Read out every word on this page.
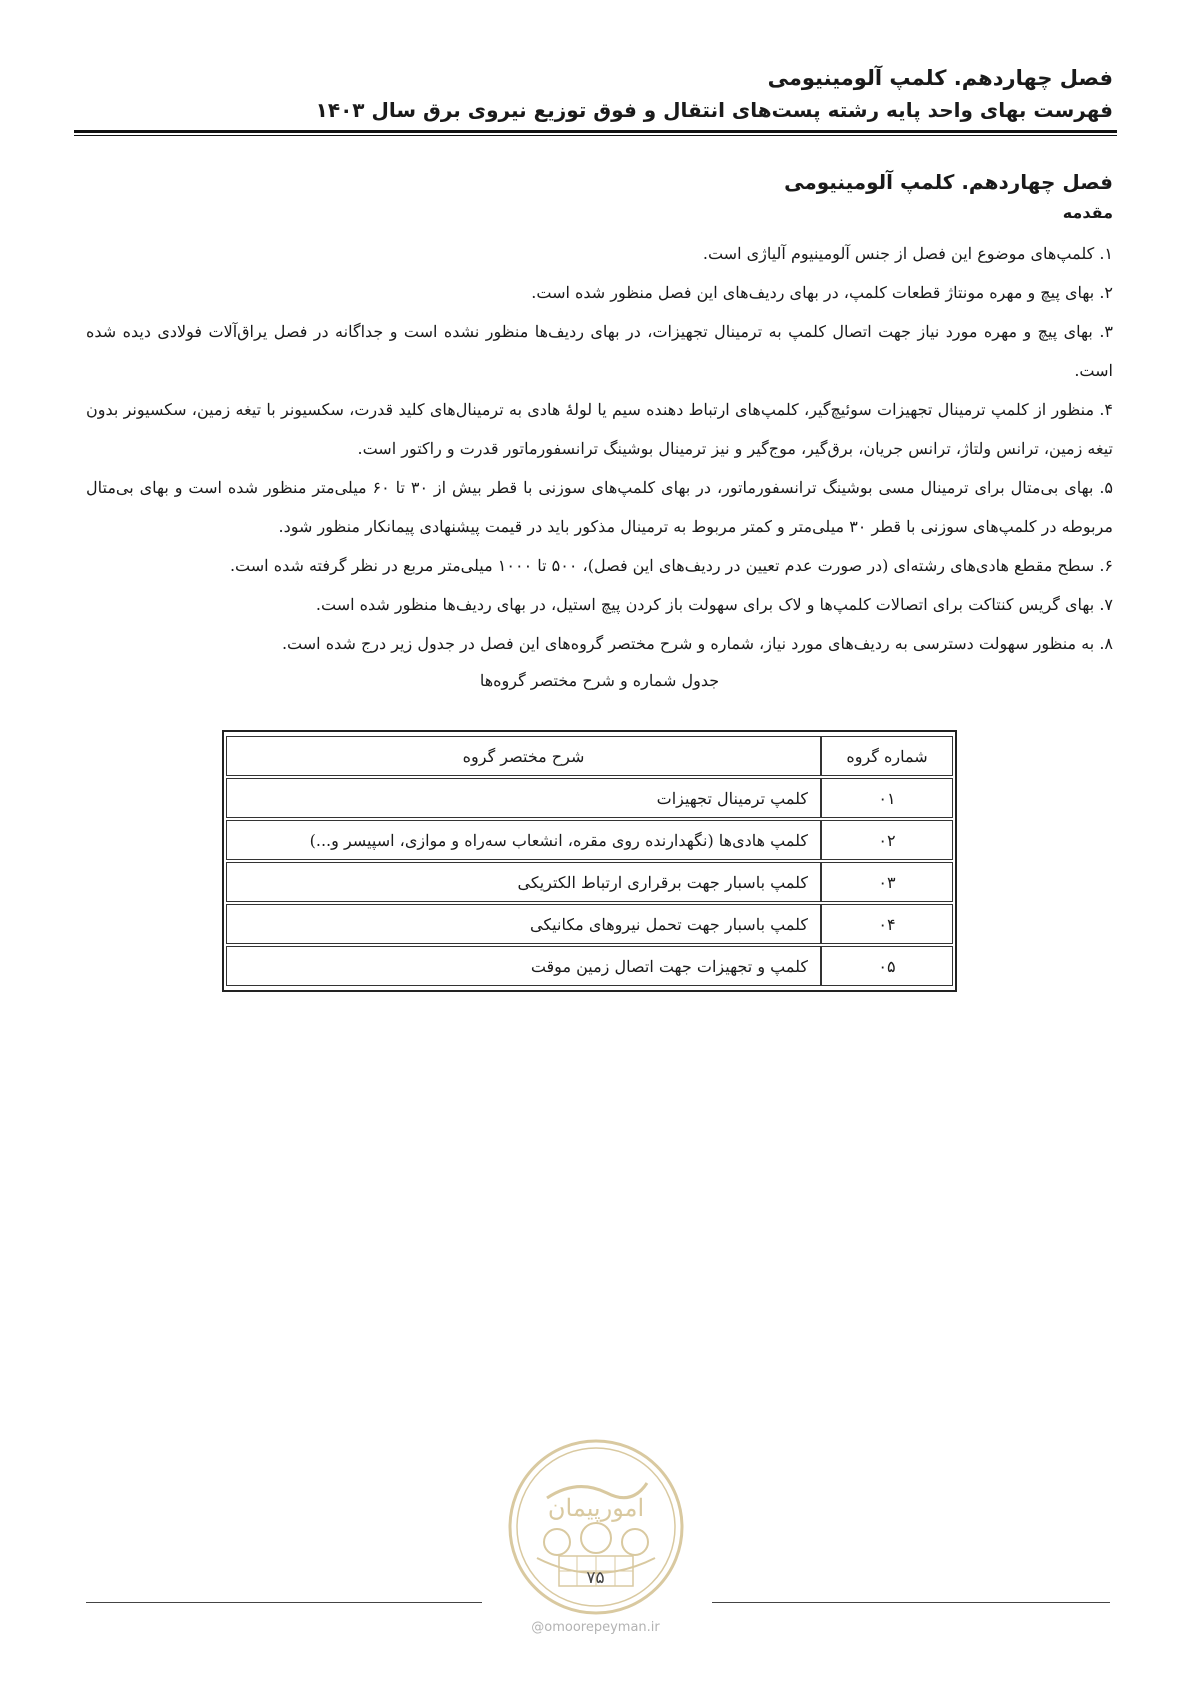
فصل چهاردهم. کلمپ آلومینیومی
فهرست بهای واحد پایه رشته پست‌های انتقال و فوق توزیع نیروی برق سال ۱۴۰۳
فصل چهاردهم. کلمپ آلومینیومی
مقدمه

۱. کلمپ‌های موضوع این فصل از جنس آلومینیوم آلیاژی است.

۲. بهای پیچ و مهره مونتاژ قطعات کلمپ، در بهای ردیف‌های این فصل منظور شده است.

۳. بهای پیچ و مهره مورد نیاز جهت اتصال کلمپ به ترمینال تجهیزات، در بهای ردیف‌ها منظور نشده است و جداگانه در فصل یراق‌آلات فولادی دیده شده است.

۴. منظور از کلمپ ترمینال تجهیزات سوئیچ‌گیر، کلمپ‌های ارتباط دهنده سیم یا لولهٔ هادی به ترمینال‌های کلید قدرت، سکسیونر با تیغه زمین، سکسیونر بدون تیغه زمین، ترانس ولتاژ، ترانس جریان، برق‌گیر، موج‌گیر و نیز ترمینال بوشینگ ترانسفورماتور قدرت و راکتور است.

۵. بهای بی‌متال برای ترمینال مسی بوشینگ ترانسفورماتور، در بهای کلمپ‌های سوزنی با قطر بیش از ۳۰ تا ۶۰ میلی‌متر منظور شده است و بهای بی‌متال مربوطه در کلمپ‌های سوزنی با قطر ۳۰ میلی‌متر و کمتر مربوط به ترمینال مذکور باید در قیمت پیشنهادی پیمانکار منظور شود.

۶. سطح مقطع هادی‌های رشته‌ای (در صورت عدم تعیین در ردیف‌های این فصل)، ۵۰۰ تا ۱۰۰۰ میلی‌متر مربع در نظر گرفته شده است.

۷. بهای گریس کنتاکت برای اتصالات کلمپ‌ها و لاک برای سهولت باز کردن پیچ استیل، در بهای ردیف‌ها منظور شده است.

۸. به منظور سهولت دسترسی به ردیف‌های مورد نیاز، شماره و شرح مختصر گروه‌های این فصل در جدول زیر درج شده است.

جدول شماره و شرح مختصر گروه‌ها
شماره گروه	شرح مختصر گروه
۰۱	کلمپ ترمینال تجهیزات
۰۲	کلمپ هادی‌ها (نگهدارنده روی مقره، انشعاب سه‌راه و موازی، اسپیسر و...)
۰۳	کلمپ باسبار جهت برقراری ارتباط الکتریکی
۰۴	کلمپ باسبار جهت تحمل نیروهای مکانیکی
۰۵	کلمپ و تجهیزات جهت اتصال زمین موقت
امورپیمان
۷۵
@omoorepeyman.ir
